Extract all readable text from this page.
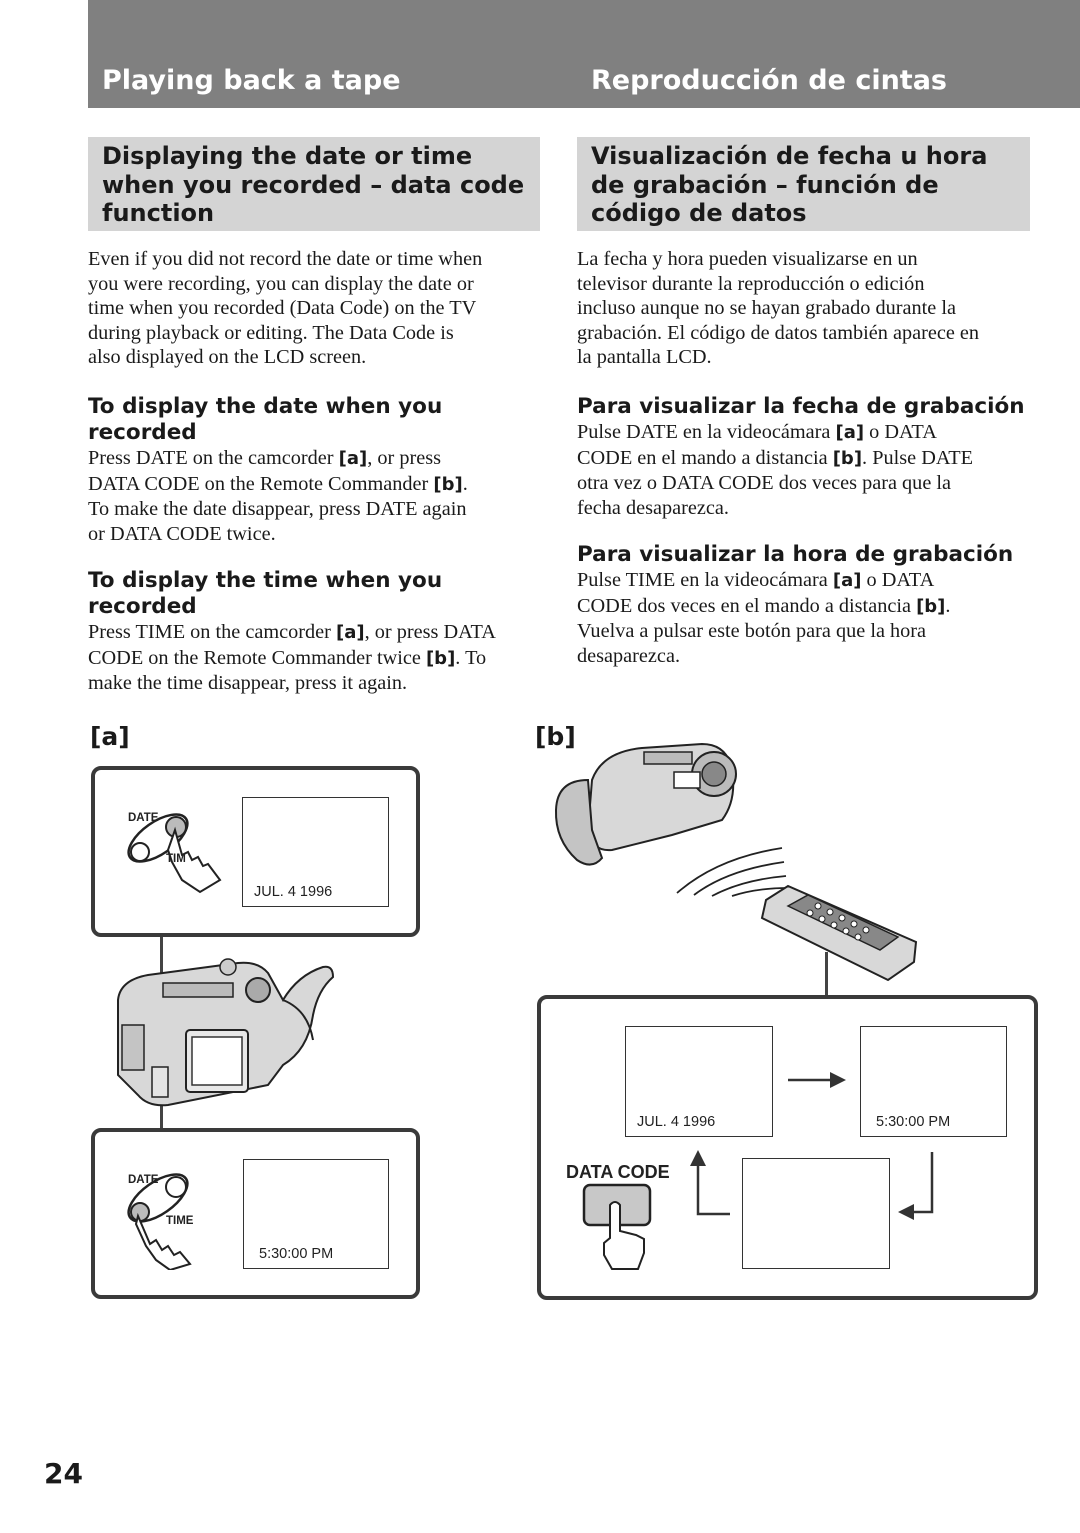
Playing back a tape	Reproducción de cintas
Displaying the date or time
when you recorded – data code
function
Visualización de fecha u hora
de grabación – función de
código de datos
Even if you did not record the date or time when
you were recording, you can display the date or
time when you recorded (Data Code) on the TV
during playback or editing. The Data Code is
also displayed on the LCD screen.
To display the date when you
recorded
Press DATE on the camcorder [a], or press
DATA CODE on the Remote Commander [b].
To make the date disappear, press DATE again
or DATA CODE twice.
To display the time when you
recorded
Press TIME on the camcorder [a], or press DATA
CODE on the Remote Commander twice [b]. To
make the time disappear, press it again.
La fecha y hora pueden visualizarse en un
televisor durante la reproducción o edición
incluso aunque no se hayan grabado durante la
grabación. El código de datos también aparece en
la pantalla LCD.
Para visualizar la fecha de grabación
Pulse DATE en la videocámara [a] o DATA
CODE en el mando a distancia [b]. Pulse DATE
otra vez o DATA CODE dos veces para que la
fecha desaparezca.
Para visualizar la hora de grabación
Pulse TIME en la videocámara [a] o DATA
CODE dos veces en el mando a distancia [b].
Vuelva a pulsar este botón para que la hora
desaparezca.
[a]	[b]
DATE
TIM
JUL. 4 1996
DATE
TIME
5:30:00 PM
JUL. 4 1996	5:30:00 PM
DATA CODE
24
